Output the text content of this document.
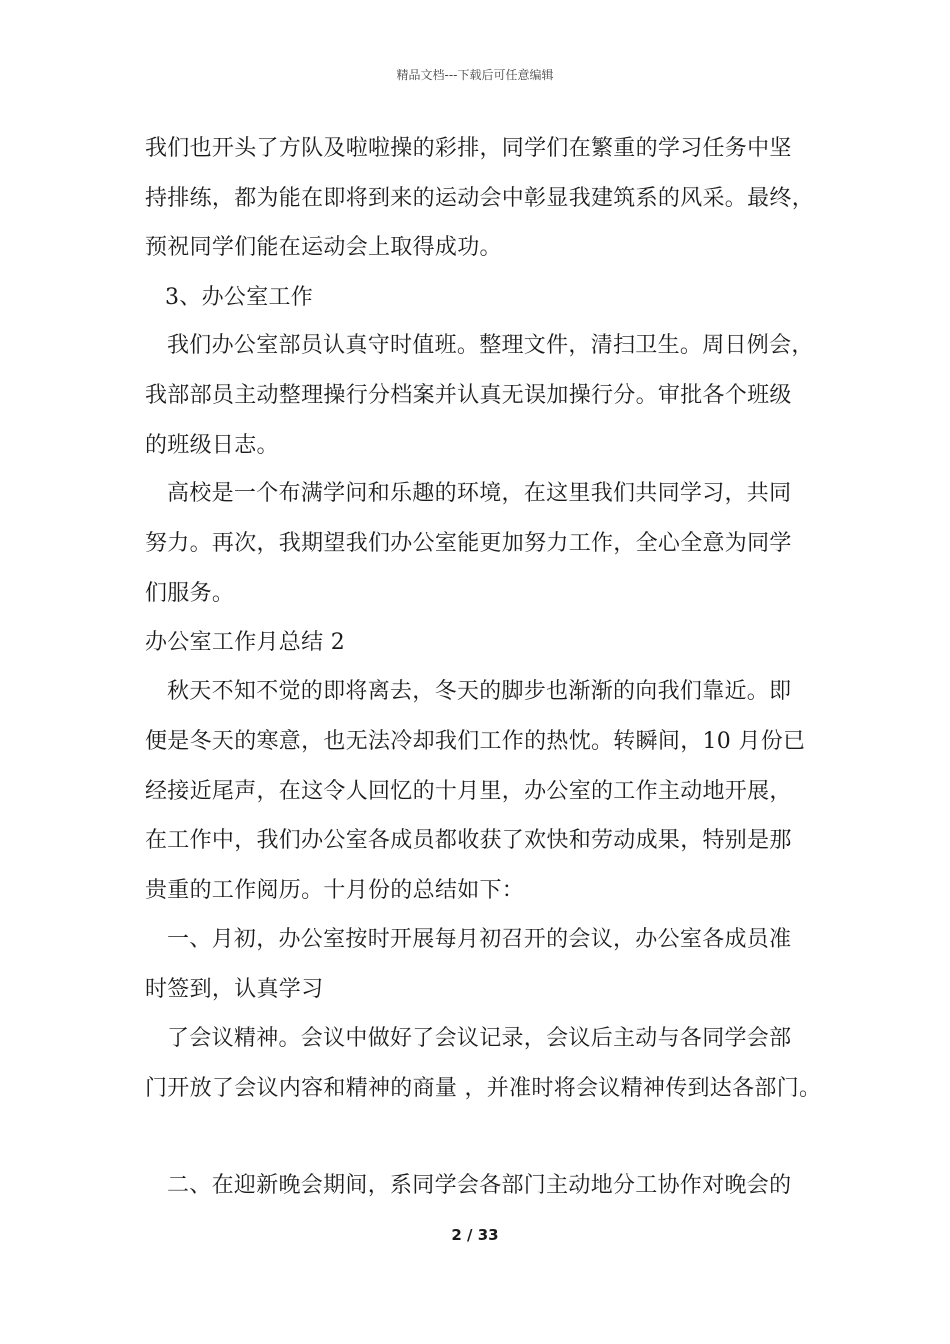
精品文档---下载后可任意编辑
我们也开头了方队及啦啦操的彩排，同学们在繁重的学习任务中坚
持排练，都为能在即将到来的运动会中彰显我建筑系的风采。最终，
预祝同学们能在运动会上取得成功。
3、办公室工作
我们办公室部员认真守时值班。整理文件，清扫卫生。周日例会，
我部部员主动整理操行分档案并认真无误加操行分。审批各个班级
的班级日志。
高校是一个布满学问和乐趣的环境，在这里我们共同学习，共同
努力。再次，我期望我们办公室能更加努力工作，全心全意为同学
们服务。
办公室工作月总结 2
秋天不知不觉的即将离去，冬天的脚步也渐渐的向我们靠近。即
便是冬天的寒意，也无法冷却我们工作的热忱。转瞬间，10 月份已
经接近尾声，在这令人回忆的十月里，办公室的工作主动地开展，
在工作中，我们办公室各成员都收获了欢快和劳动成果，特别是那
贵重的工作阅历。十月份的总结如下：
一、月初，办公室按时开展每月初召开的会议，办公室各成员准
时签到，认真学习
了会议精神。会议中做好了会议记录，会议后主动与各同学会部
门开放了会议内容和精神的商量 ，并准时将会议精神传到达各部门。
二、在迎新晚会期间，系同学会各部门主动地分工协作对晚会的
2 / 33
